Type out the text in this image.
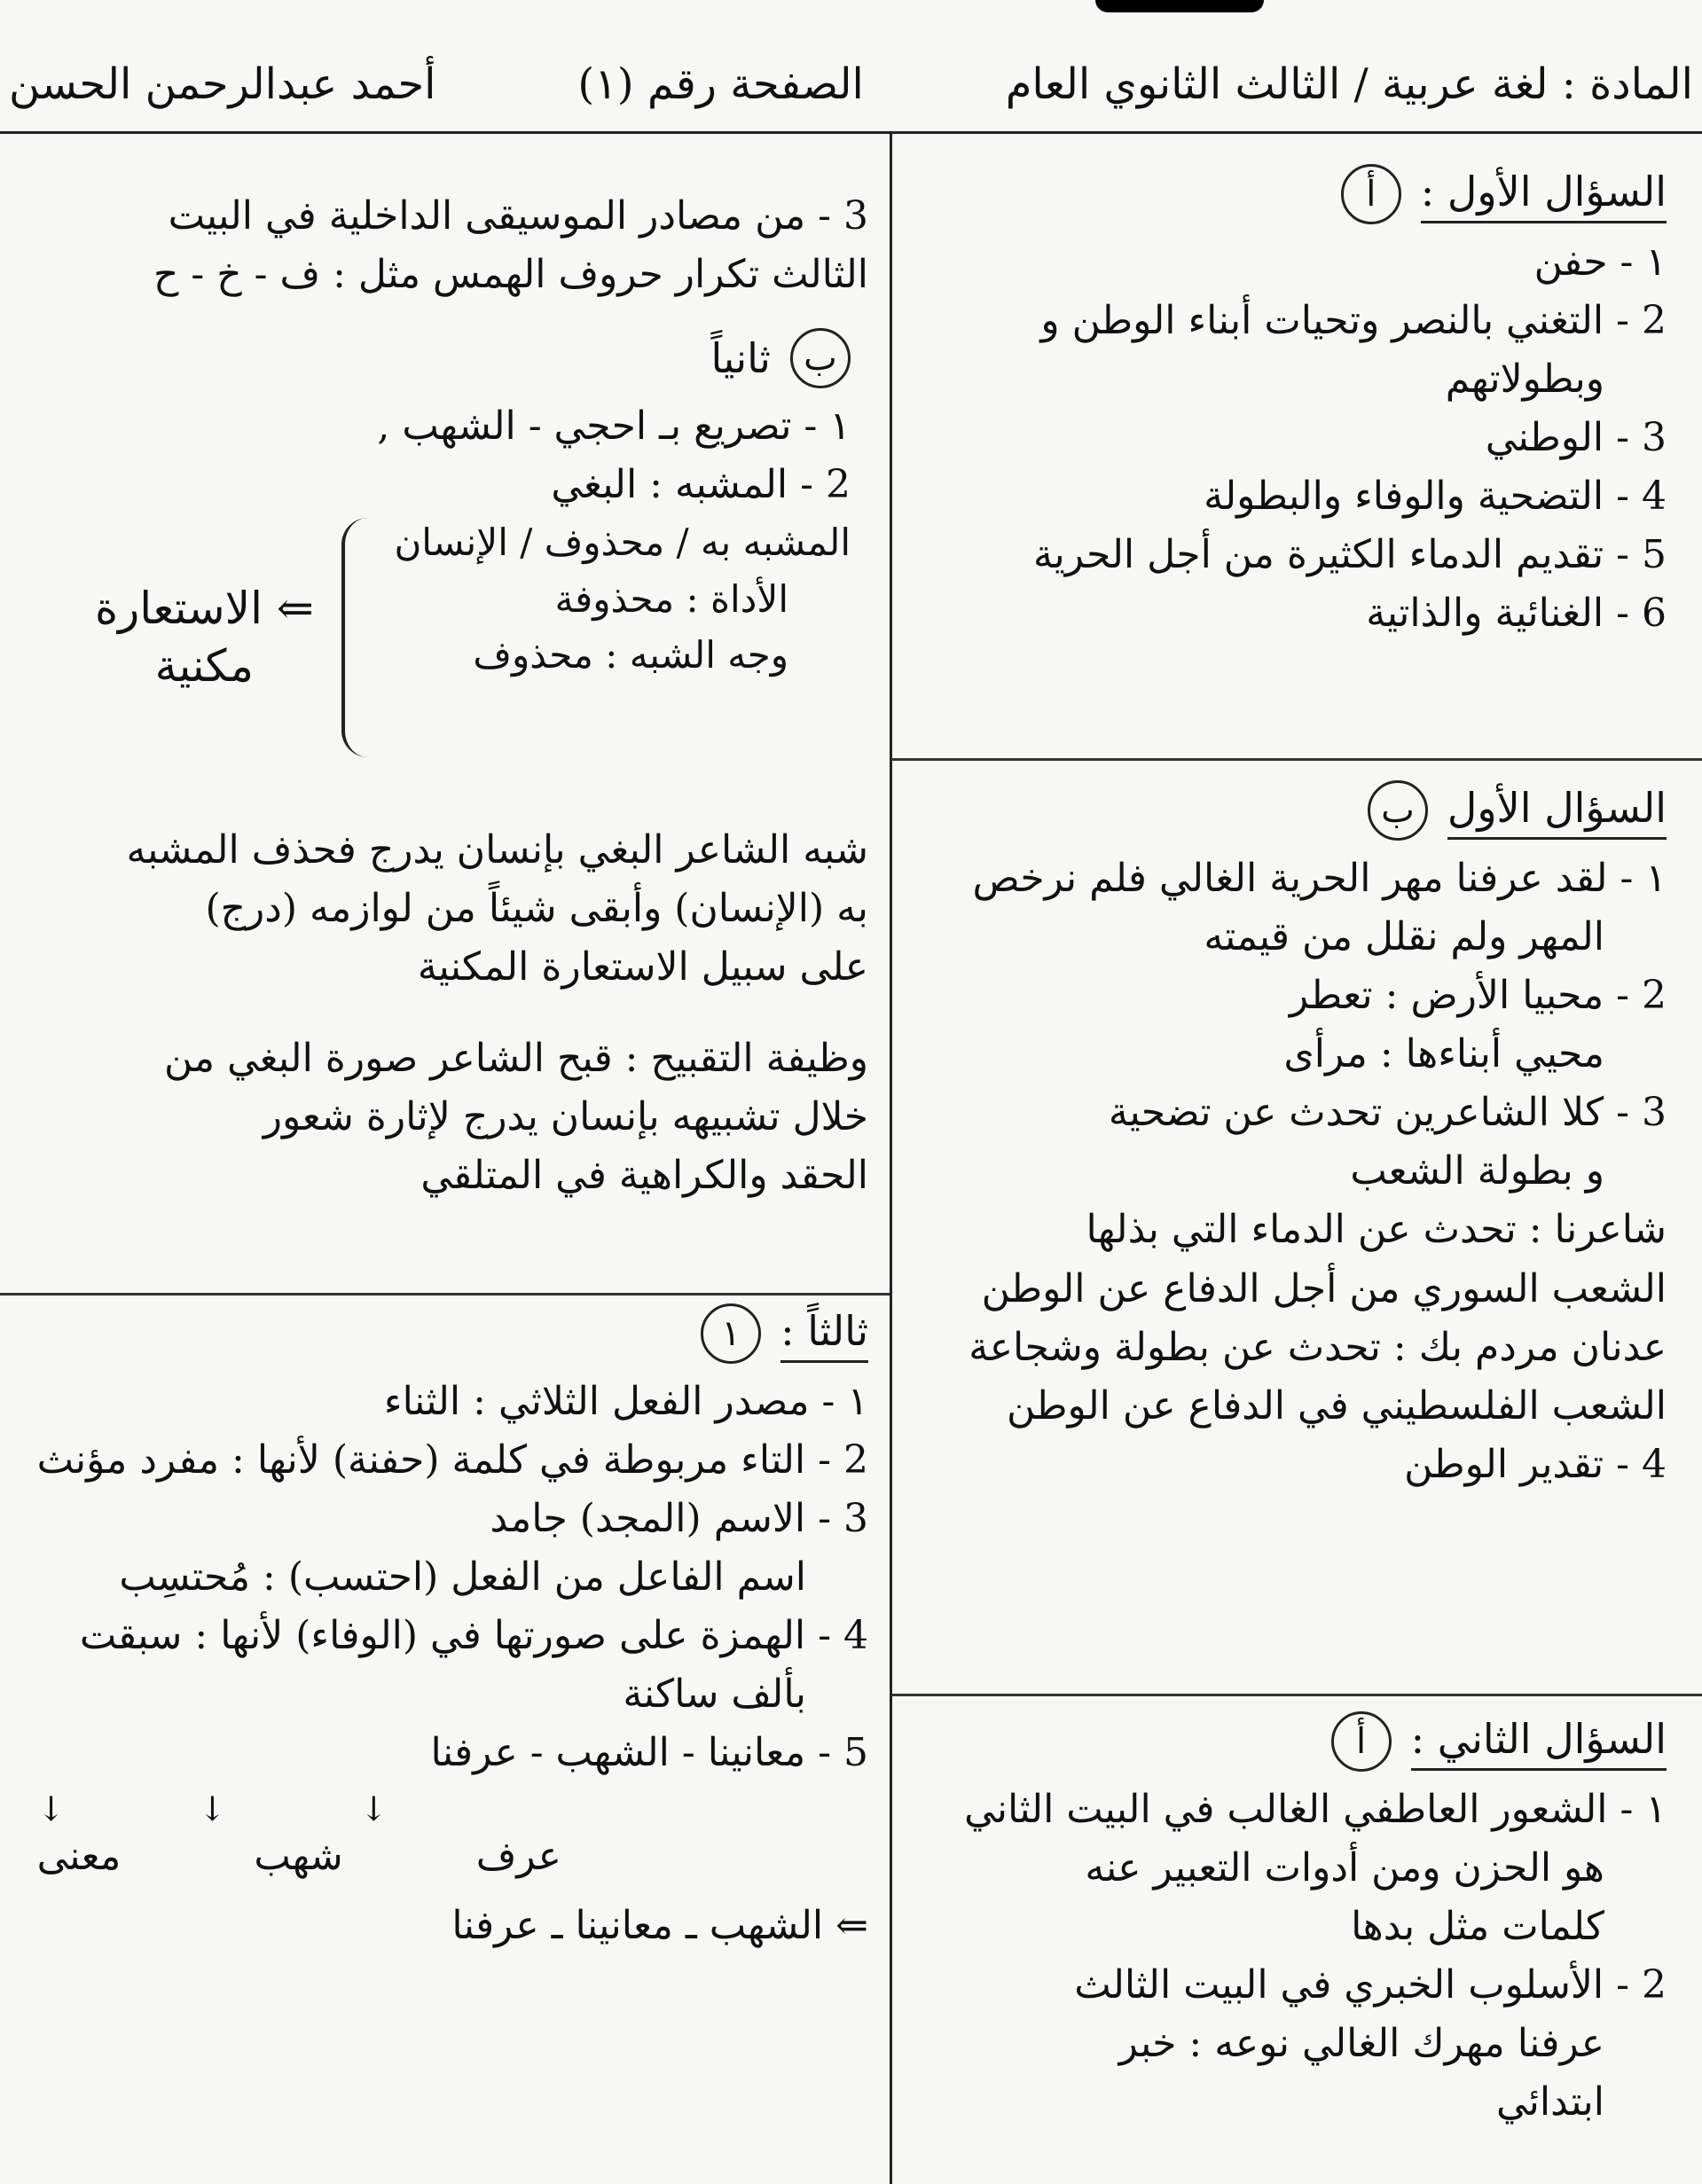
المادة : لغة عربية / الثالث الثانوي العام
الصفحة رقم (١)
أحمد عبدالرحمن الحسن
السؤال الأول :
أ

١ - حفن

2 - التغني بالنصر وتحيات أبناء الوطن و

وبطولاتهم

3 - الوطني

4 - التضحية والوفاء والبطولة

5 - تقديم الدماء الكثيرة من أجل الحرية

6 - الغنائية والذاتية

السؤال الأول
ب

١ - لقد عرفنا مهر الحرية الغالي فلم نرخص

المهر ولم نقلل من قيمته

2 - محبيا الأرض : تعطر

محيي أبناءها : مرأى

3 - كلا الشاعرين تحدث عن تضحية

و بطولة الشعب

شاعرنا : تحدث عن الدماء التي بذلها

الشعب السوري من أجل الدفاع عن الوطن

عدنان مردم بك : تحدث عن بطولة وشجاعة

الشعب الفلسطيني في الدفاع عن الوطن

4 - تقدير الوطن

السؤال الثاني :
أ

١ - الشعور العاطفي الغالب في البيت الثاني

هو الحزن ومن أدوات التعبير عنه

كلمات مثل بدها

2 - الأسلوب الخبري في البيت الثالث

عرفنا مهرك الغالي نوعه : خبر

ابتدائي

3 - من مصادر الموسيقى الداخلية في البيت

الثالث تكرار حروف الهمس مثل : ف - خ - ح

ب
ثانياً

١ - تصريع بـ احجي - الشهب ,

2 - المشبه : البغي

المشبه به / محذوف / الإنسان

الأداة : محذوفة

وجه الشبه : محذوف

⇐ الاستعارة مكنية

شبه الشاعر البغي بإنسان يدرج فحذف المشبه

به (الإنسان) وأبقى شيئاً من لوازمه (درج)

على سبيل الاستعارة المكنية

وظيفة التقبيح : قبح الشاعر صورة البغي من

خلال تشبيهه بإنسان يدرج لإثارة شعور

الحقد والكراهية في المتلقي

ثالثاً :
١

١ - مصدر الفعل الثلاثي : الثناء

2 - التاء مربوطة في كلمة (حفنة) لأنها : مفرد مؤنث

3 - الاسم (المجد) جامد

اسم الفاعل من الفعل (احتسب) : مُحتسِب

4 - الهمزة على صورتها في (الوفاء) لأنها : سبقت

بألف ساكنة

5 - معانينا - الشهب - عرفنا

↓
↓
↓
عرف
شهب
معنى

⇐ الشهب ـ معانينا ـ عرفنا
